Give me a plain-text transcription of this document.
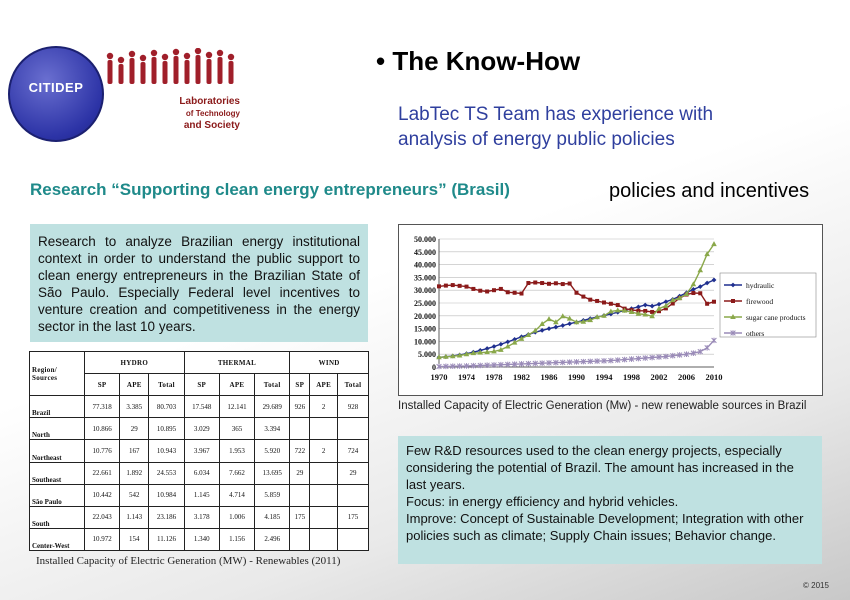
CITIDEP
Laboratories
of Technology
and Society
• The Know-How
LabTec TS Team has experience with
analysis of energy public policies
Research “Supporting clean energy entrepreneurs” (Brasil)	policies and incentives
Research to analyze Brazilian energy institutional context in order to understand the public support to clean energy entrepreneurs in the Brazilian State of São Paulo. Especially Federal level incentives to venture creation and competitiveness in the energy sector in the last 10 years.
Region/ Sources	HYDRO			THERMAL			WIND		
	SP	APE	Total	SP	APE	Total	SP	APE	Total
Brazil	77.318	3.385	80.703	17.548	12.141	29.689	926	2	928
North	10.866	29	10.895	3.029	365	3.394			
Northeast	10.776	167	10.943	3.967	1.953	5.920	722	2	724
Southeast	22.661	1.892	24.553	6.034	7.662	13.695	29		29
São Paulo	10.442	542	10.984	1.145	4.714	5.859			
South	22.043	1.143	23.186	3.178	1.006	4.185	175		175
Center-West	10.972	154	11.126	1.340	1.156	2.496			
Installed Capacity of Electric Generation (MW) - Renewables (2011)
0
5.000
10.000
15.000
20.000
25.000
30.000
35.000
40.000
45.000
50.000
1970 1974 1978 1982 1986 1990 1994 1998 2002 2006 2010
hydraulic
firewood
sugar cane products
others
Installed Capacity of Electric Generation (Mw) - new renewable sources in Brazil
Few R&D resources used to the clean energy projects, especially considering the potential of Brazil. The amount has increased in the last years.
Focus: in energy efficiency and hybrid vehicles.
Improve: Concept of Sustainable Development; Integration with other policies such as climate; Supply Chain issues; Behavior change.
© 2015
